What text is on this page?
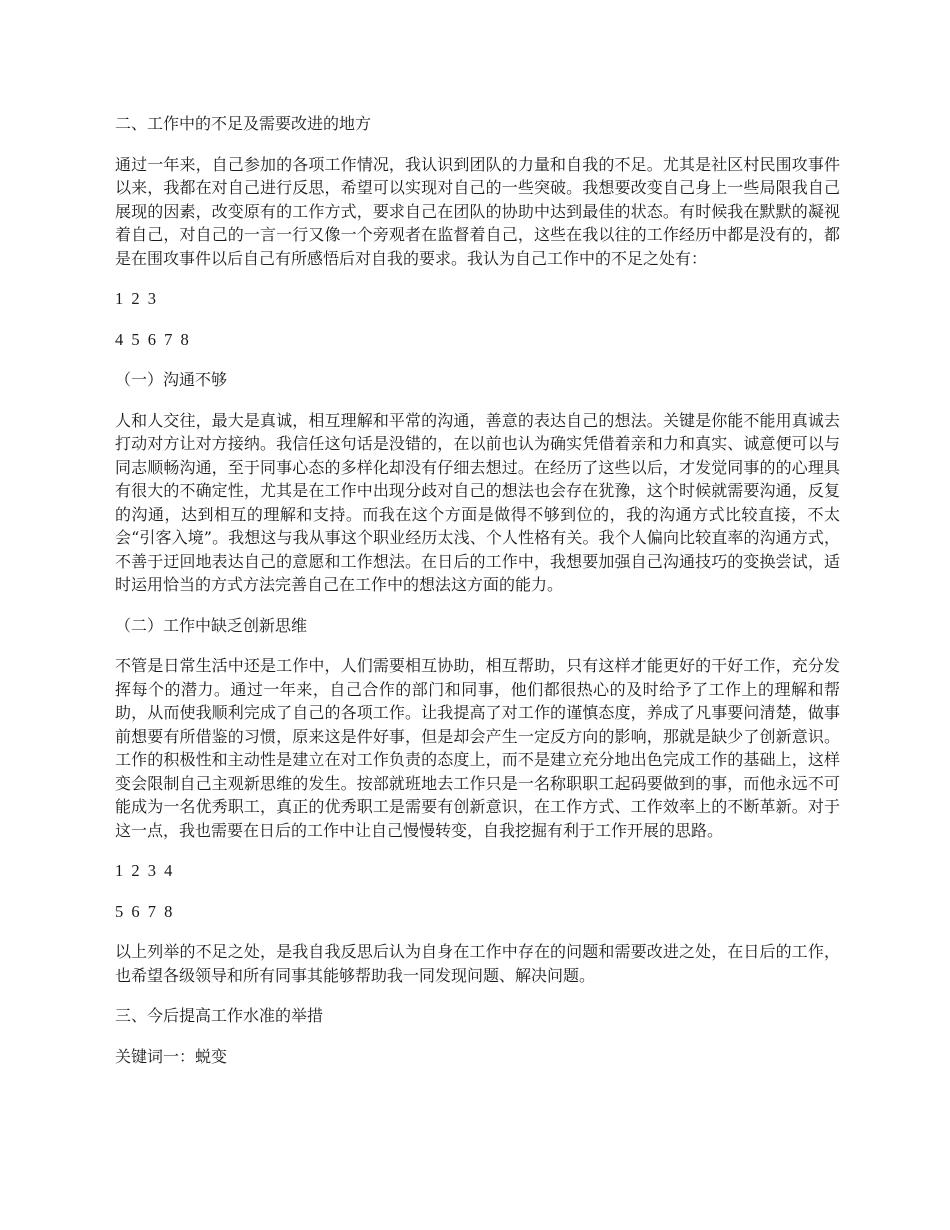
二、工作中的不足及需要改进的地方

通过一年来，自己参加的各项工作情况，我认识到团队的力量和自我的不足。尤其是社区村民围攻事件以来，我都在对自己进行反思，希望可以实现对自己的一些突破。我想要改变自己身上一些局限我自己展现的因素，改变原有的工作方式，要求自己在团队的协助中达到最佳的状态。有时候我在默默的凝视着自己，对自己的一言一行又像一个旁观者在监督着自己，这些在我以往的工作经历中都是没有的，都是在围攻事件以后自己有所感悟后对自我的要求。我认为自己工作中的不足之处有：

1 2 3

4 5 6 7 8

（一）沟通不够

人和人交往，最大是真诚，相互理解和平常的沟通，善意的表达自己的想法。关键是你能不能用真诚去打动对方让对方接纳。我信任这句话是没错的，在以前也认为确实凭借着亲和力和真实、诚意便可以与同志顺畅沟通，至于同事心态的多样化却没有仔细去想过。在经历了这些以后，才发觉同事的的心理具有很大的不确定性，尤其是在工作中出现分歧对自己的想法也会存在犹豫，这个时候就需要沟通，反复的沟通，达到相互的理解和支持。而我在这个方面是做得不够到位的，我的沟通方式比较直接，不太会“引客入境”。我想这与我从事这个职业经历太浅、个人性格有关。我个人偏向比较直率的沟通方式，不善于迂回地表达自己的意愿和工作想法。在日后的工作中，我想要加强自己沟通技巧的变换尝试，适时运用恰当的方式方法完善自己在工作中的想法这方面的能力。

（二）工作中缺乏创新思维

不管是日常生活中还是工作中，人们需要相互协助，相互帮助，只有这样才能更好的干好工作，充分发挥每个的潜力。通过一年来，自己合作的部门和同事，他们都很热心的及时给予了工作上的理解和帮助，从而使我顺利完成了自己的各项工作。让我提高了对工作的谨慎态度，养成了凡事要问清楚，做事前想要有所借鉴的习惯，原来这是件好事，但是却会产生一定反方向的影响，那就是缺少了创新意识。工作的积极性和主动性是建立在对工作负责的态度上，而不是建立充分地出色完成工作的基础上，这样变会限制自己主观新思维的发生。按部就班地去工作只是一名称职职工起码要做到的事，而他永远不可能成为一名优秀职工，真正的优秀职工是需要有创新意识，在工作方式、工作效率上的不断革新。对于这一点，我也需要在日后的工作中让自己慢慢转变，自我挖掘有利于工作开展的思路。

1 2 3 4

5 6 7 8

以上列举的不足之处，是我自我反思后认为自身在工作中存在的问题和需要改进之处，在日后的工作，也希望各级领导和所有同事其能够帮助我一同发现问题、解决问题。

三、今后提高工作水准的举措

关键词一：蜕变
